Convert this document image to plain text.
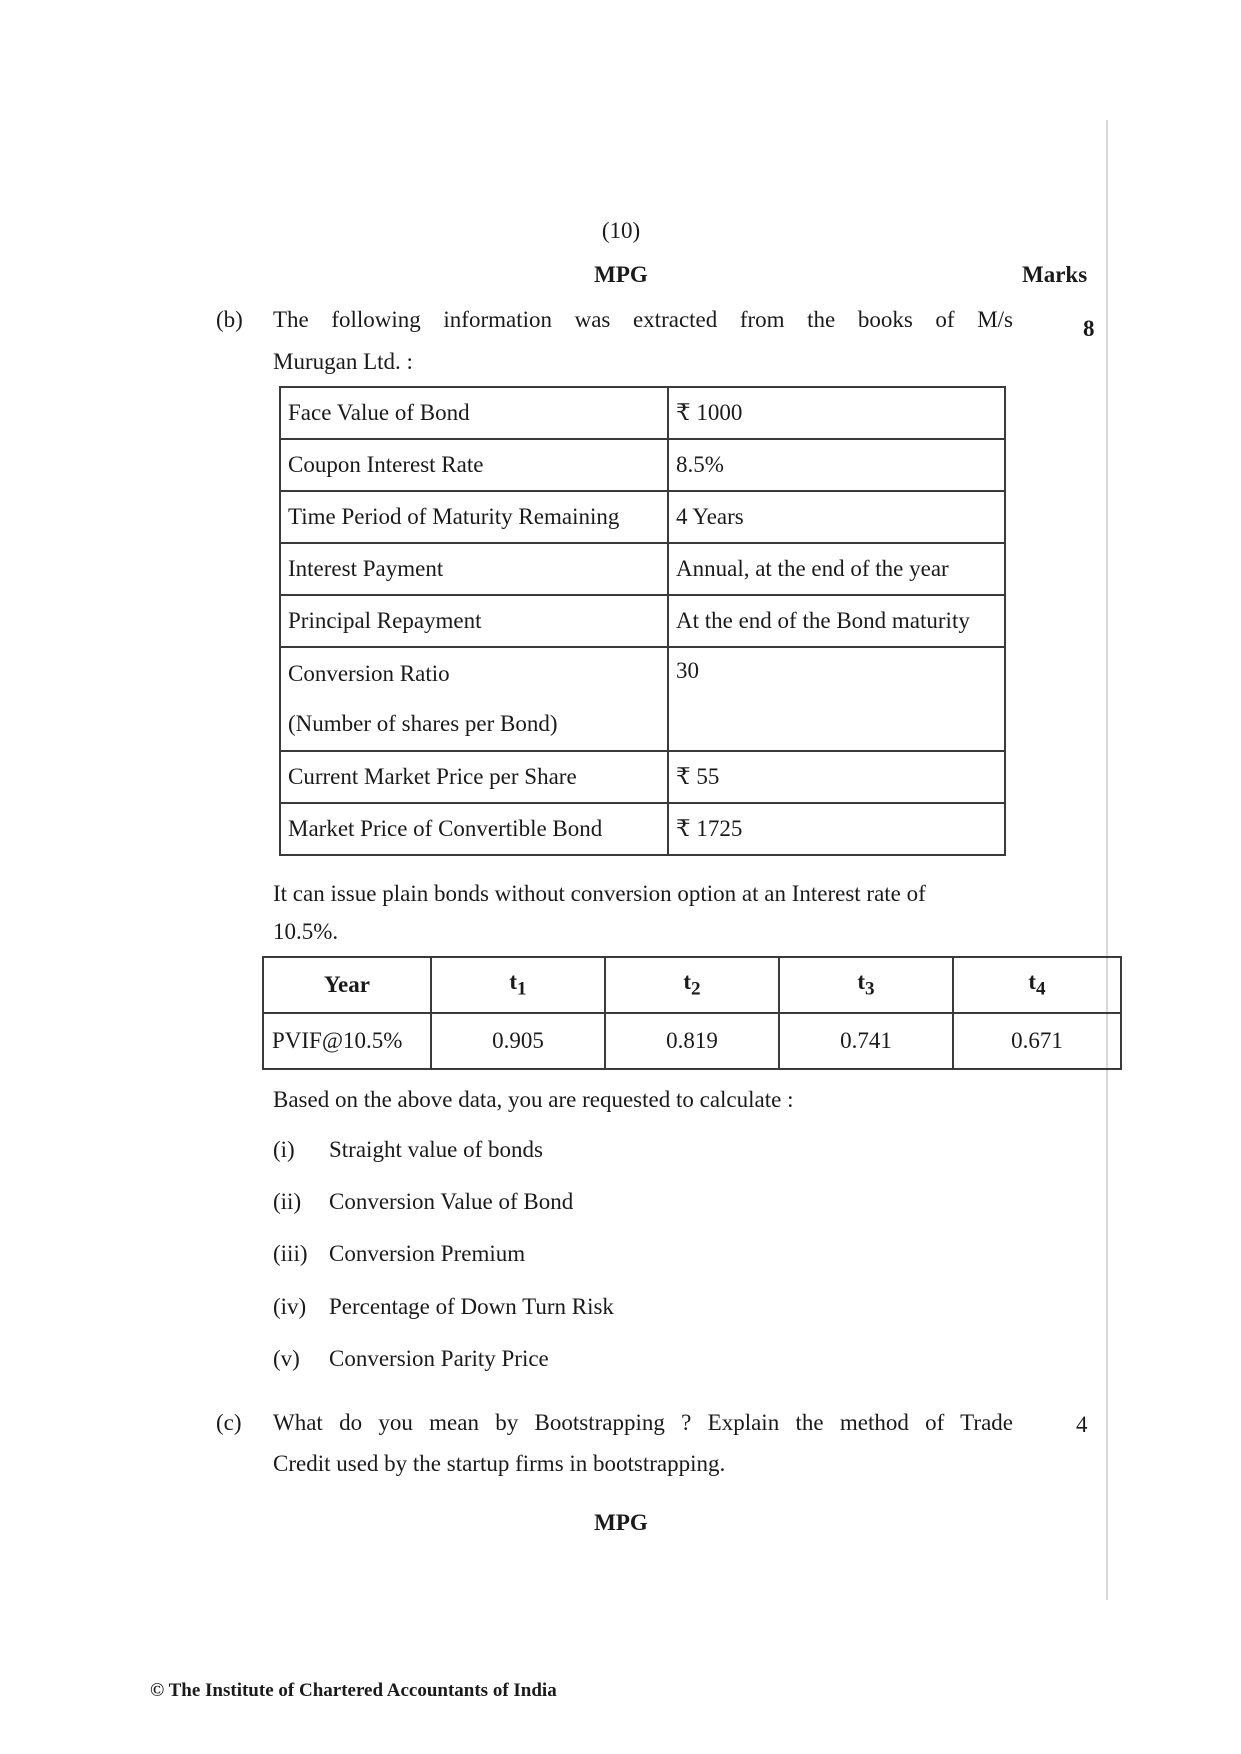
(10)
MPG	Marks
(b) The following information was extracted from the books of M/s
Murugan Ltd. :
8
Face Value of Bond	₹ 1000
Coupon Interest Rate	8.5%
Time Period of Maturity Remaining	4 Years
Interest Payment	Annual, at the end of the year
Principal Repayment	At the end of the Bond maturity

Conversion Ratio
(Number of shares per Bond)	30
Current Market Price per Share	₹ 55
Market Price of Convertible Bond	₹ 1725
It can issue plain bonds without conversion option at an Interest rate of
10.5%.
Year	$t_1$	$t_2$	$t_3$	$t_4$
PVIF@10.5%	0.905	0.819	0.741	0.671
Based on the above data, you are requested to calculate :
(i) Straight value of bonds
(ii) Conversion Value of Bond
(iii) Conversion Premium
(iv) Percentage of Down Turn Risk
(v) Conversion Parity Price
(c) What do you mean by Bootstrapping ? Explain the method of Trade
Credit used by the startup firms in bootstrapping.
4
MPG
© The Institute of Chartered Accountants of India
